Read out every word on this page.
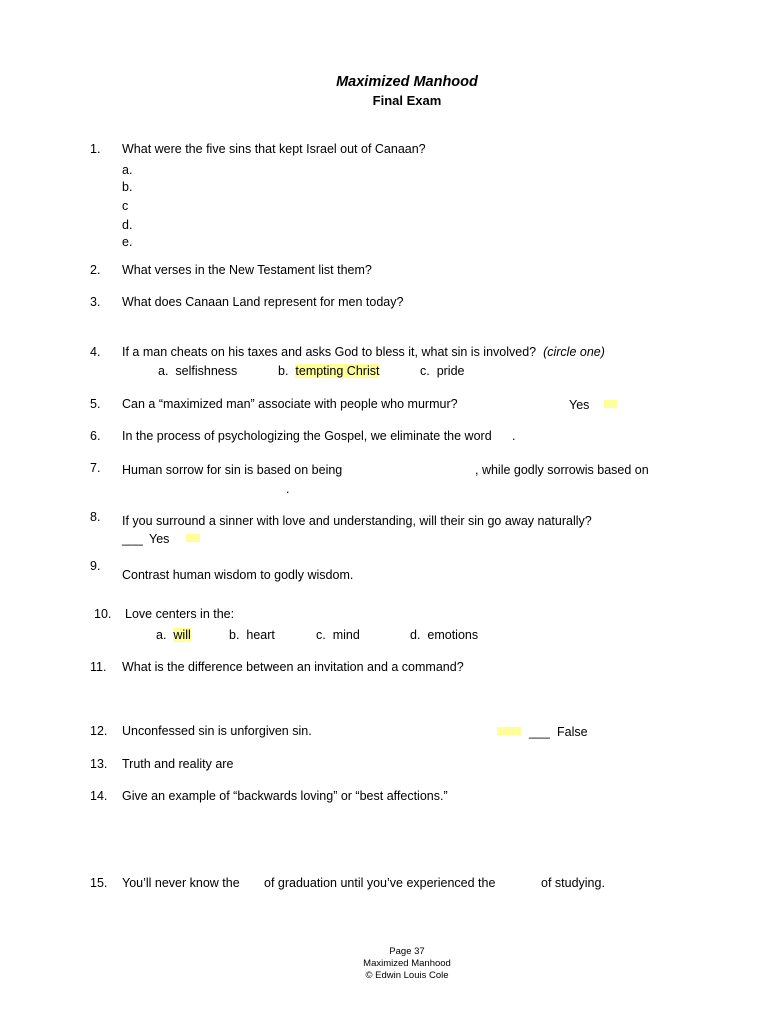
Maximized Manhood
Final Exam
1. What were the five sins that kept Israel out of Canaan?
a.
b.
c
d.
e.
2. What verses in the New Testament list them?
3. What does Canaan Land represent for men today?
4. If a man cheats on his taxes and asks God to bless it, what sin is involved? (circle one)
a. selfishness	b. tempting Christ	c. pride
5. Can a “maximized man” associate with people who murmur?	Yes
6. In the process of psychologizing the Gospel, we eliminate the word .
7. Human sorrow for sin is based on being	, while godly sorrowis based on
.
8. If you surround a sinner with love and understanding, will their sin go away naturally?
___ Yes
9.
Contrast human wisdom to godly wisdom.
10. Love centers in the:
a. will	b. heart	c. mind	d. emotions
11. What is the difference between an invitation and a command?
12. Unconfessed sin is unforgiven sin.	___ False
13. Truth and reality are
14. Give an example of “backwards loving” or “best affections.”
15. You’ll never know the of graduation until you’ve experienced the	of studying.
Page 37
Maximized Manhood
© Edwin Louis Cole
